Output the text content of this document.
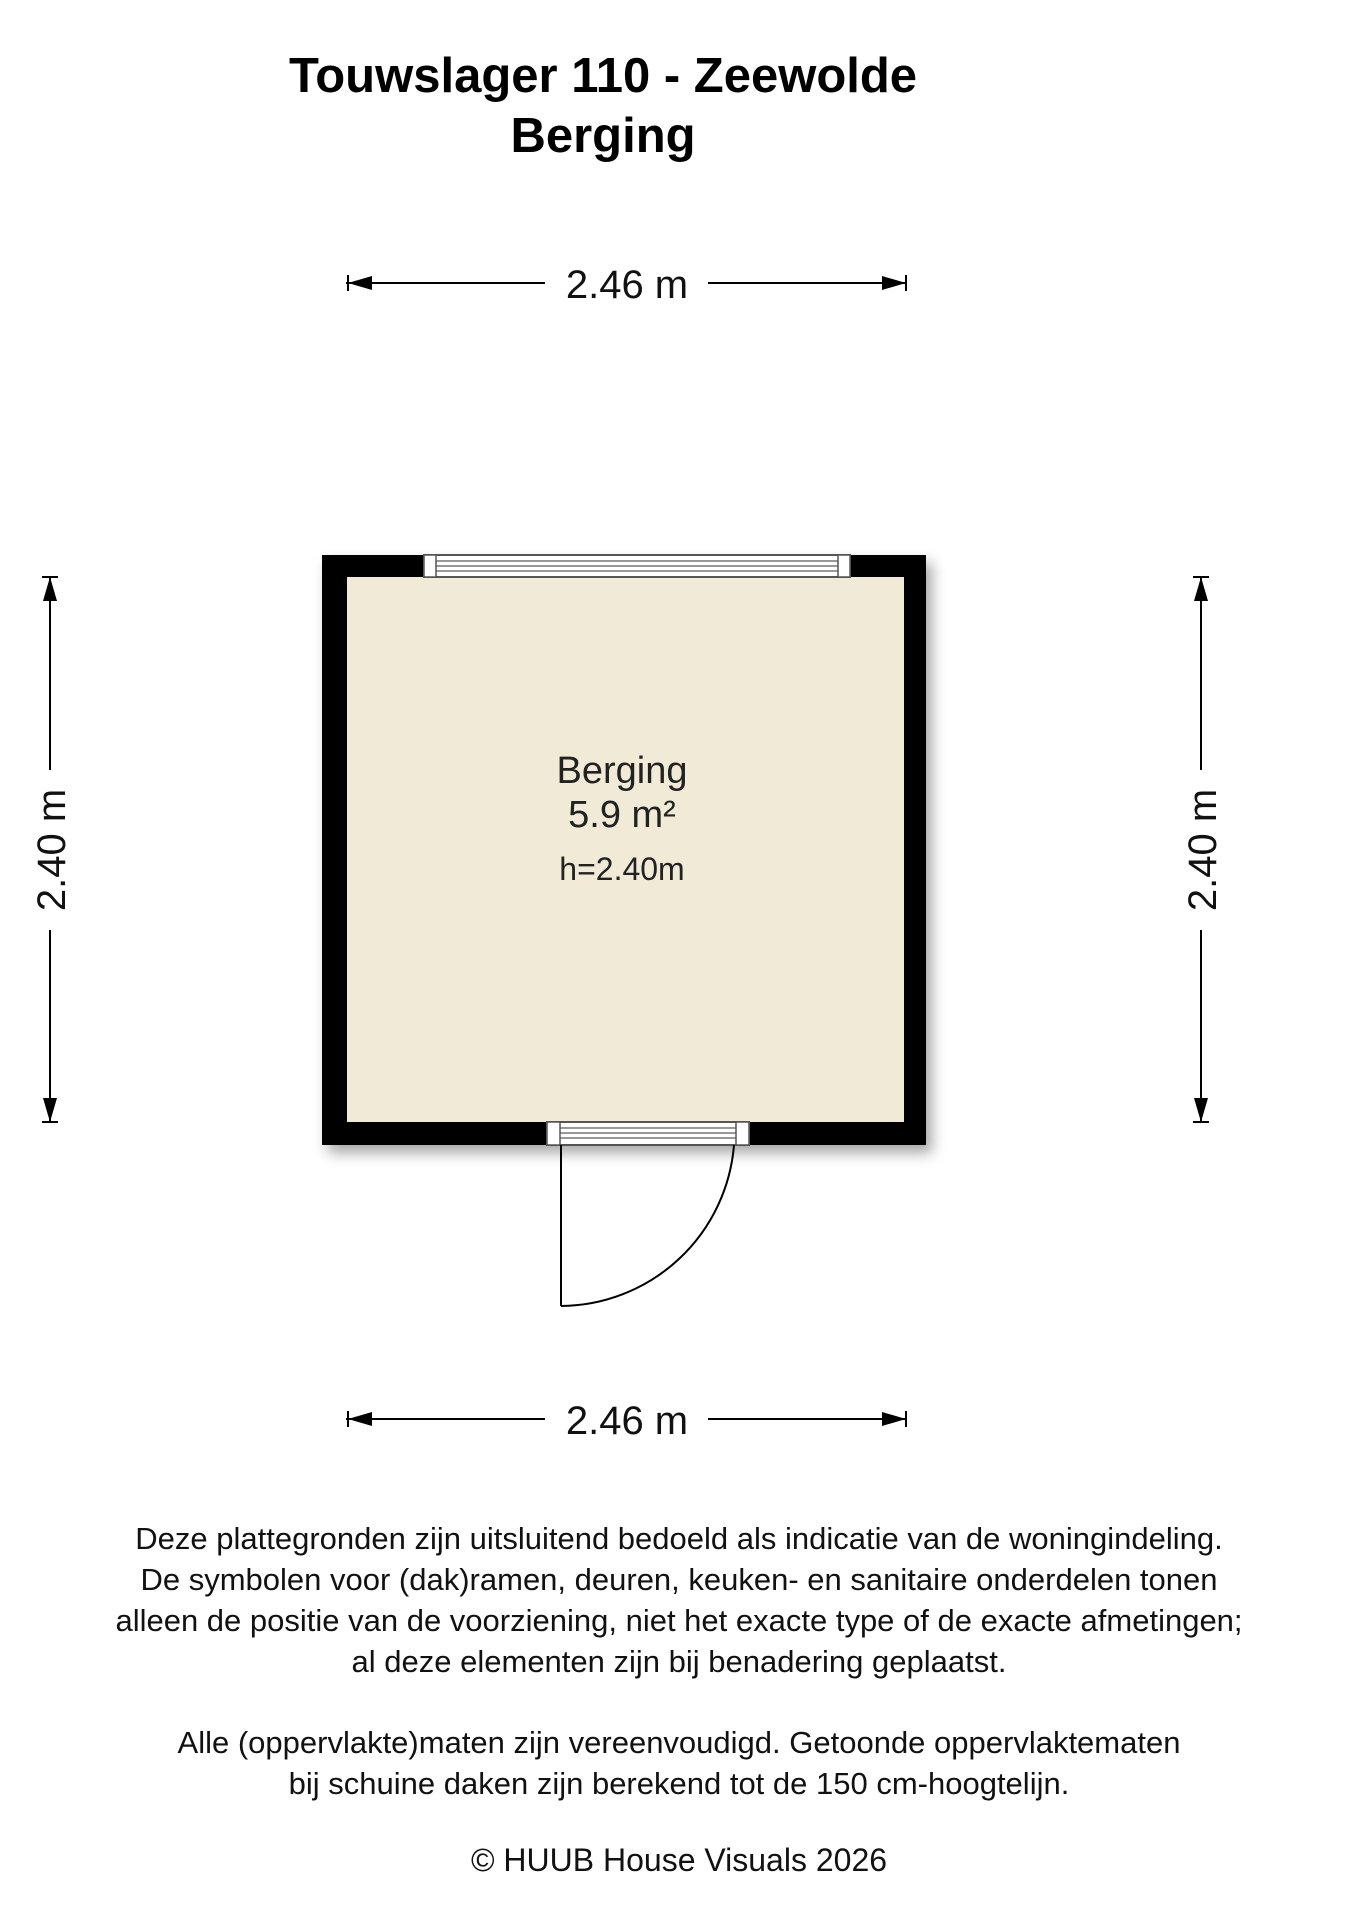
Touwslager 110 - Zeewolde
Berging
2.46 m
2.46 m
2.40 m	2.40 m
Berging
5.9 m²
h=2.40m
Deze plattegronden zijn uitsluitend bedoeld als indicatie van de woningindeling.
De symbolen voor (dak)ramen, deuren, keuken- en sanitaire onderdelen tonen
alleen de positie van de voorziening, niet het exacte type of de exacte afmetingen;
al deze elementen zijn bij benadering geplaatst.
Alle (oppervlakte)maten zijn vereenvoudigd. Getoonde oppervlaktematen
bij schuine daken zijn berekend tot de 150 cm-hoogtelijn.
© HUUB House Visuals 2026
